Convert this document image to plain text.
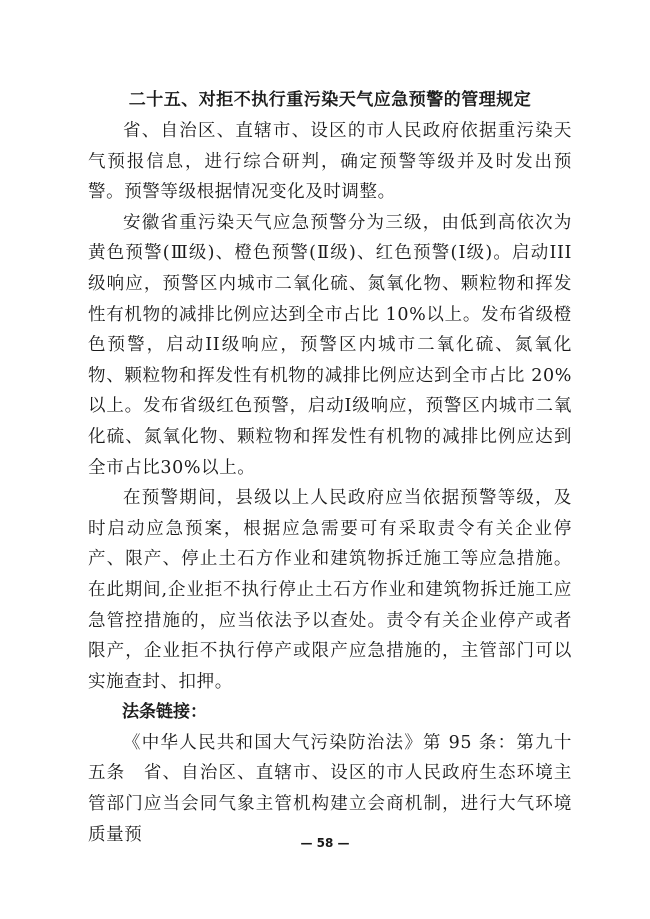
二十五、对拒不执行重污染天气应急预警的管理规定

省、自治区、直辖市、设区的市人民政府依据重污染天气预报信息，进行综合研判，确定预警等级并及时发出预警。预警等级根据情况变化及时调整。

安徽省重污染天气应急预警分为三级，由低到高依次为黄色预警(Ⅲ级)、橙色预警(Ⅱ级)、红色预警(Ⅰ级)。启动III级响应，预警区内城市二氧化硫、氮氧化物、颗粒物和挥发性有机物的减排比例应达到全市占比 10%以上。发布省级橙色预警，启动II级响应，预警区内城市二氧化硫、氮氧化物、颗粒物和挥发性有机物的减排比例应达到全市占比 20%以上。发布省级红色预警，启动Ⅰ级响应，预警区内城市二氧化硫、氮氧化物、颗粒物和挥发性有机物的减排比例应达到全市占比30%以上。

在预警期间，县级以上人民政府应当依据预警等级，及时启动应急预案，根据应急需要可有采取责令有关企业停产、限产、停止土石方作业和建筑物拆迁施工等应急措施。在此期间,企业拒不执行停止土石方作业和建筑物拆迁施工应急管控措施的，应当依法予以查处。责令有关企业停产或者限产，企业拒不执行停产或限产应急措施的，主管部门可以实施查封、扣押。

法条链接：

《中华人民共和国大气污染防治法》第 95 条：第九十五条　省、自治区、直辖市、设区的市人民政府生态环境主管部门应当会同气象主管机构建立会商机制，进行大气环境质量预	— 58 —
